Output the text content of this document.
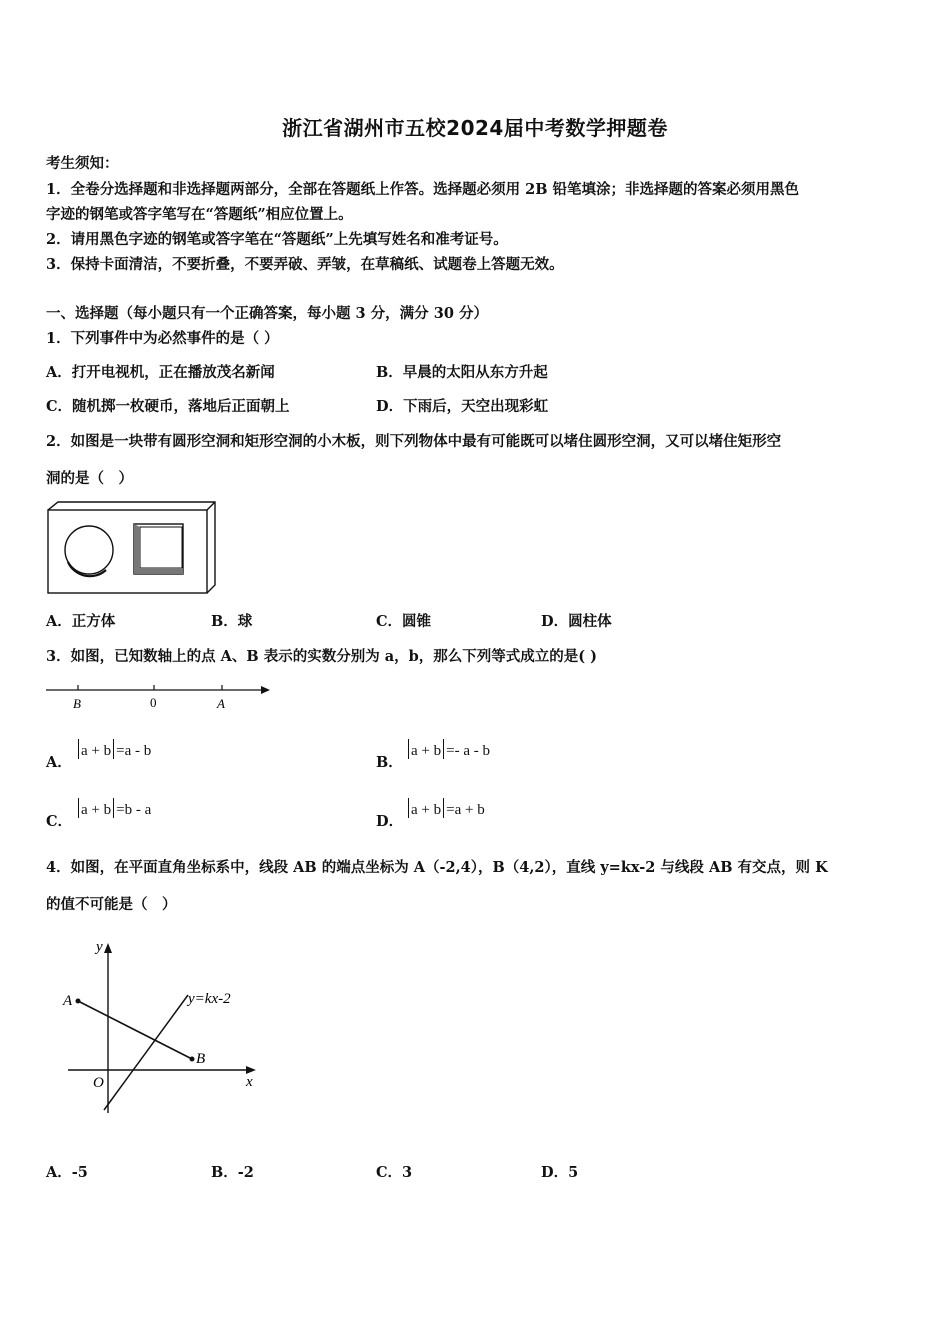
浙江省湖州市五校2024届中考数学押题卷
考生须知：
1．全卷分选择题和非选择题两部分，全部在答题纸上作答。选择题必须用 2B 铅笔填涂；非选择题的答案必须用黑色
字迹的钢笔或答字笔写在“答题纸”相应位置上。
2．请用黑色字迹的钢笔或答字笔在“答题纸”上先填写姓名和准考证号。
3．保持卡面清洁，不要折叠，不要弄破、弄皱，在草稿纸、试题卷上答题无效。
一、选择题（每小题只有一个正确答案，每小题 3 分，满分 30 分）
1．下列事件中为必然事件的是（ ）
A．打开电视机，正在播放茂名新闻	B．早晨的太阳从东方升起
C．随机掷一枚硬币，落地后正面朝上	D．下雨后，天空出现彩虹
2．如图是一块带有圆形空洞和矩形空洞的小木板，则下列物体中最有可能既可以堵住圆形空洞，又可以堵住矩形空
洞的是（　）
A．正方体	B．球	C．圆锥	D．圆柱体
3．如图，已知数轴上的点 A、B 表示的实数分别为 a，b，那么下列等式成立的是( )
B	0	A
A．
a + b =a - b
B．
a + b =- a - b
C．
a + b =b - a
D．
a + b =a + b
4．如图，在平面直角坐标系中，线段 AB 的端点坐标为 A（-2,4），B（4,2），直线 y=kx-2 与线段 AB 有交点，则 K
的值不可能是（　）
y
x
O
A
B
y=kx-2
A．-5	B．-2	C．3	D．5
